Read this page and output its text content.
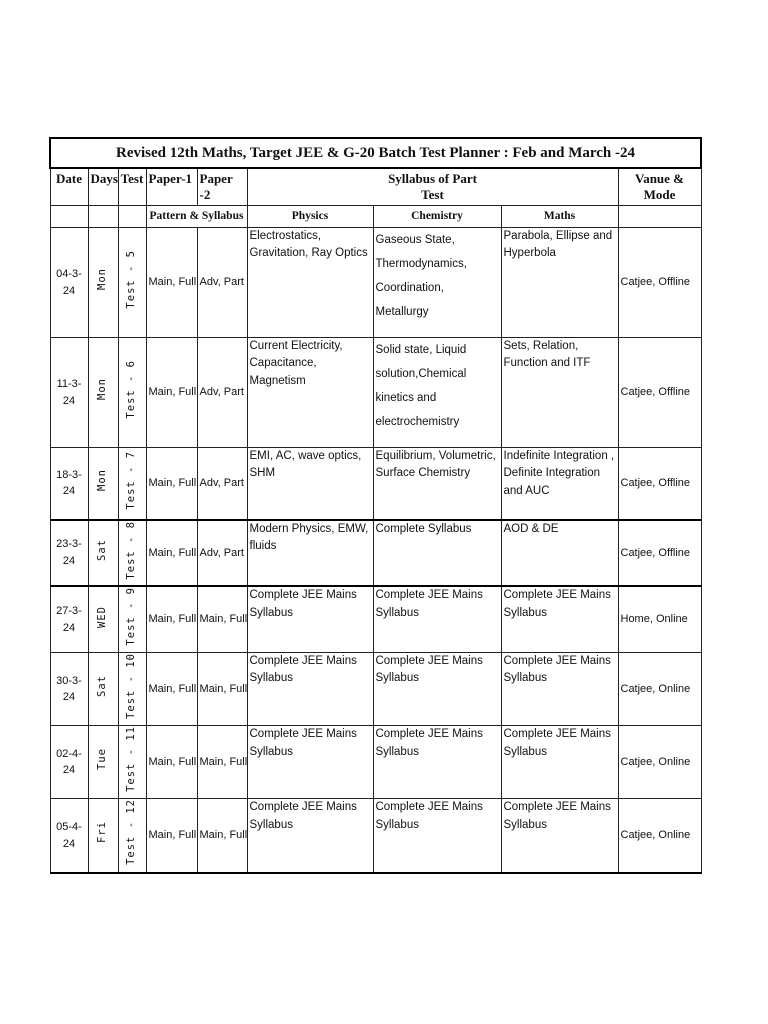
Revised 12th Maths, Target JEE & G-20 Batch Test Planner : Feb and March -24								
Date	Days	Test	Paper-1	Paper -2	Syllabus of Part Test			Vanue & Mode

			Pattern & Syllabus		Physics	Chemistry	Maths	
04-3-24	Mon	Test - 5	Main, Full	Adv, Part	Electrostatics, Gravitation, Ray Optics	Gaseous State, Thermodynamics, Coordination, Metallurgy	Parabola, Ellipse and Hyperbola	Catjee, Offline
11-3-24	Mon	Test - 6	Main, Full	Adv, Part	Current Electricity, Capacitance, Magnetism	Solid state, Liquid solution,Chemical kinetics and electrochemistry	Sets, Relation, Function and ITF	Catjee, Offline
18-3-24	Mon	Test - 7	Main, Full	Adv, Part	EMI, AC, wave optics, SHM	Equilibrium, Volumetric, Surface Chemistry	Indefinite Integration , Definite Integration and AUC	Catjee, Offline
23-3-24	Sat	Test - 8	Main, Full	Adv, Part	Modern Physics, EMW, fluids	Complete Syllabus	AOD & DE	Catjee, Offline
27-3-24	WED	Test - 9	Main, Full	Main, Full	Complete JEE Mains Syllabus	Complete JEE Mains Syllabus	Complete JEE Mains Syllabus	Home, Online
30-3-24	Sat	Test - 10	Main, Full	Main, Full	Complete JEE Mains Syllabus	Complete JEE Mains Syllabus	Complete JEE Mains Syllabus	Catjee, Online
02-4-24	Tue	Test - 11	Main, Full	Main, Full	Complete JEE Mains Syllabus	Complete JEE Mains Syllabus	Complete JEE Mains Syllabus	Catjee, Online
05-4-24	Fri	Test - 12	Main, Full	Main, Full	Complete JEE Mains Syllabus	Complete JEE Mains Syllabus	Complete JEE Mains Syllabus	Catjee, Online
